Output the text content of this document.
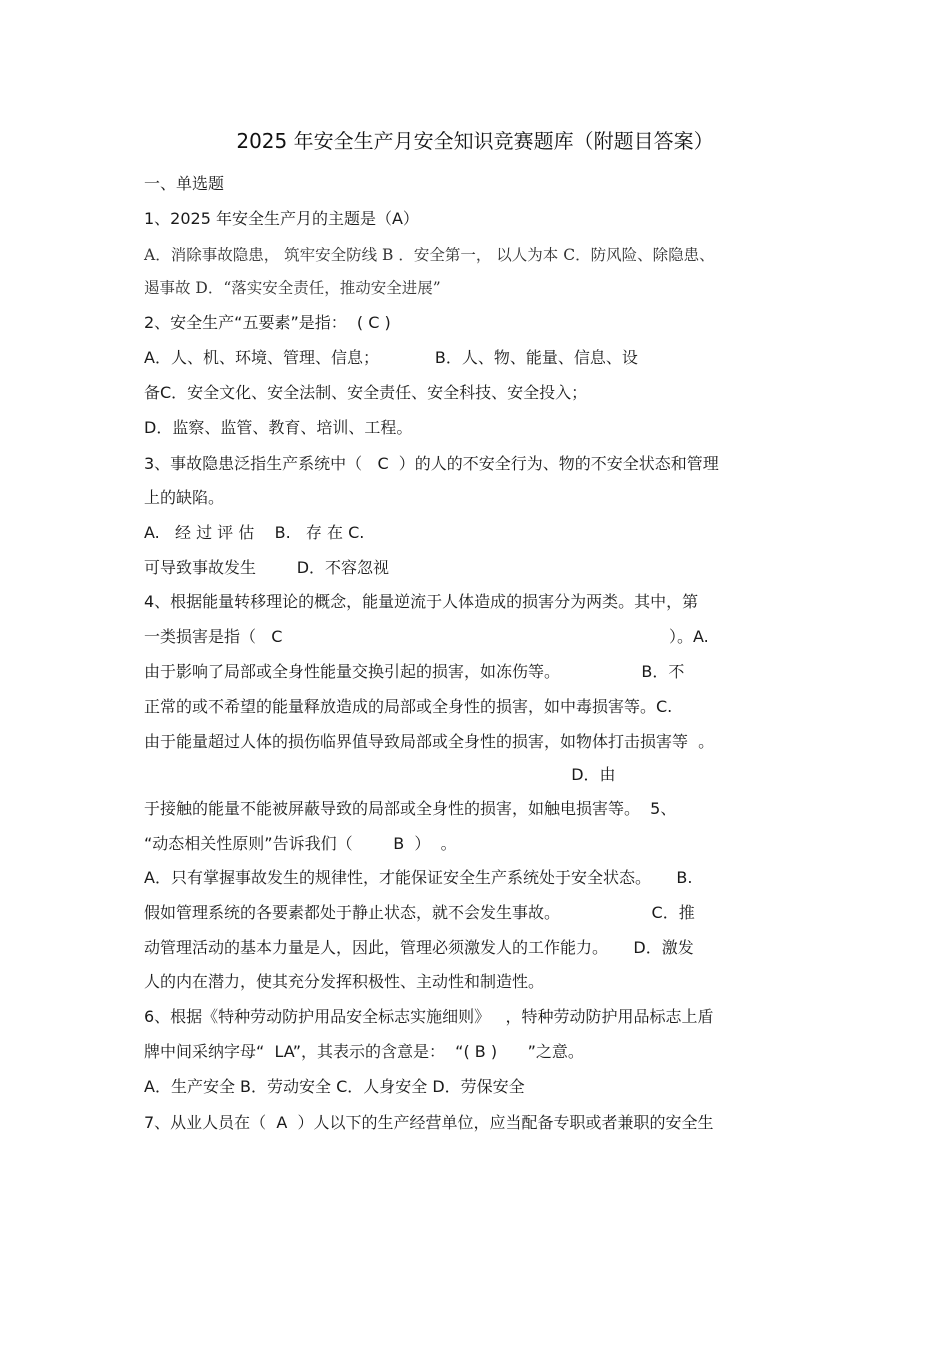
2025 年安全生产月安全知识竞赛题库（附题目答案）
一、单选题
1、2025 年安全生产月的主题是（A）
A．消除事故隐患， 筑牢安全防线 B ．安全第一， 以人为本 C．防风险、除隐患、
遏事故 D．“落实安全责任，推动安全进展”
2、安全生产“五要素”是指：  ( C )
A．人、机、环境、管理、信息；           B．人、物、能量、信息、设
备C．安全文化、安全法制、安全责任、安全科技、安全投入；
D．监察、监管、教育、培训、工程。
3、事故隐患泛指生产系统中（   C  ）的人的不安全行为、物的不安全状态和管理
上的缺陷。
A.   经 过 评 估    B.   存 在 C.
可导致事故发生        D．不容忽视
4、根据能量转移理论的概念，能量逆流于人体造成的损害分为两类。其中，第
一类损害是指（   C                                                                            ）。A.
由于影响了局部或全身性能量交换引起的损害，如冻伤等。                B．不
正常的或不希望的能量释放造成的局部或全身性的损害，如中毒损害等。C.
由于能量超过人体的损伤临界值导致局部或全身性的损害，如物体打击损害等  。
D．由
于接触的能量不能被屏蔽导致的局部或全身性的损害，如触电损害等。  5、
“动态相关性原则”告诉我们（        B  ）  。
A．只有掌握事故发生的规律性，才能保证安全生产系统处于安全状态。     B.
假如管理系统的各要素都处于静止状态，就不会发生事故。                  C．推
动管理活动的基本力量是人，因此，管理必须激发人的工作能力。     D．激发
人的内在潜力，使其充分发挥积极性、主动性和制造性。
6、根据《特种劳动防护用品安全标志实施细则》   ，特种劳动防护用品标志上盾
牌中间采纳字母“  LA”，其表示的含意是：  “( B )      ”之意。
A．生产安全 B．劳动安全 C．人身安全 D．劳保安全
7、从业人员在（  A  ）人以下的生产经营单位，应当配备专职或者兼职的安全生
